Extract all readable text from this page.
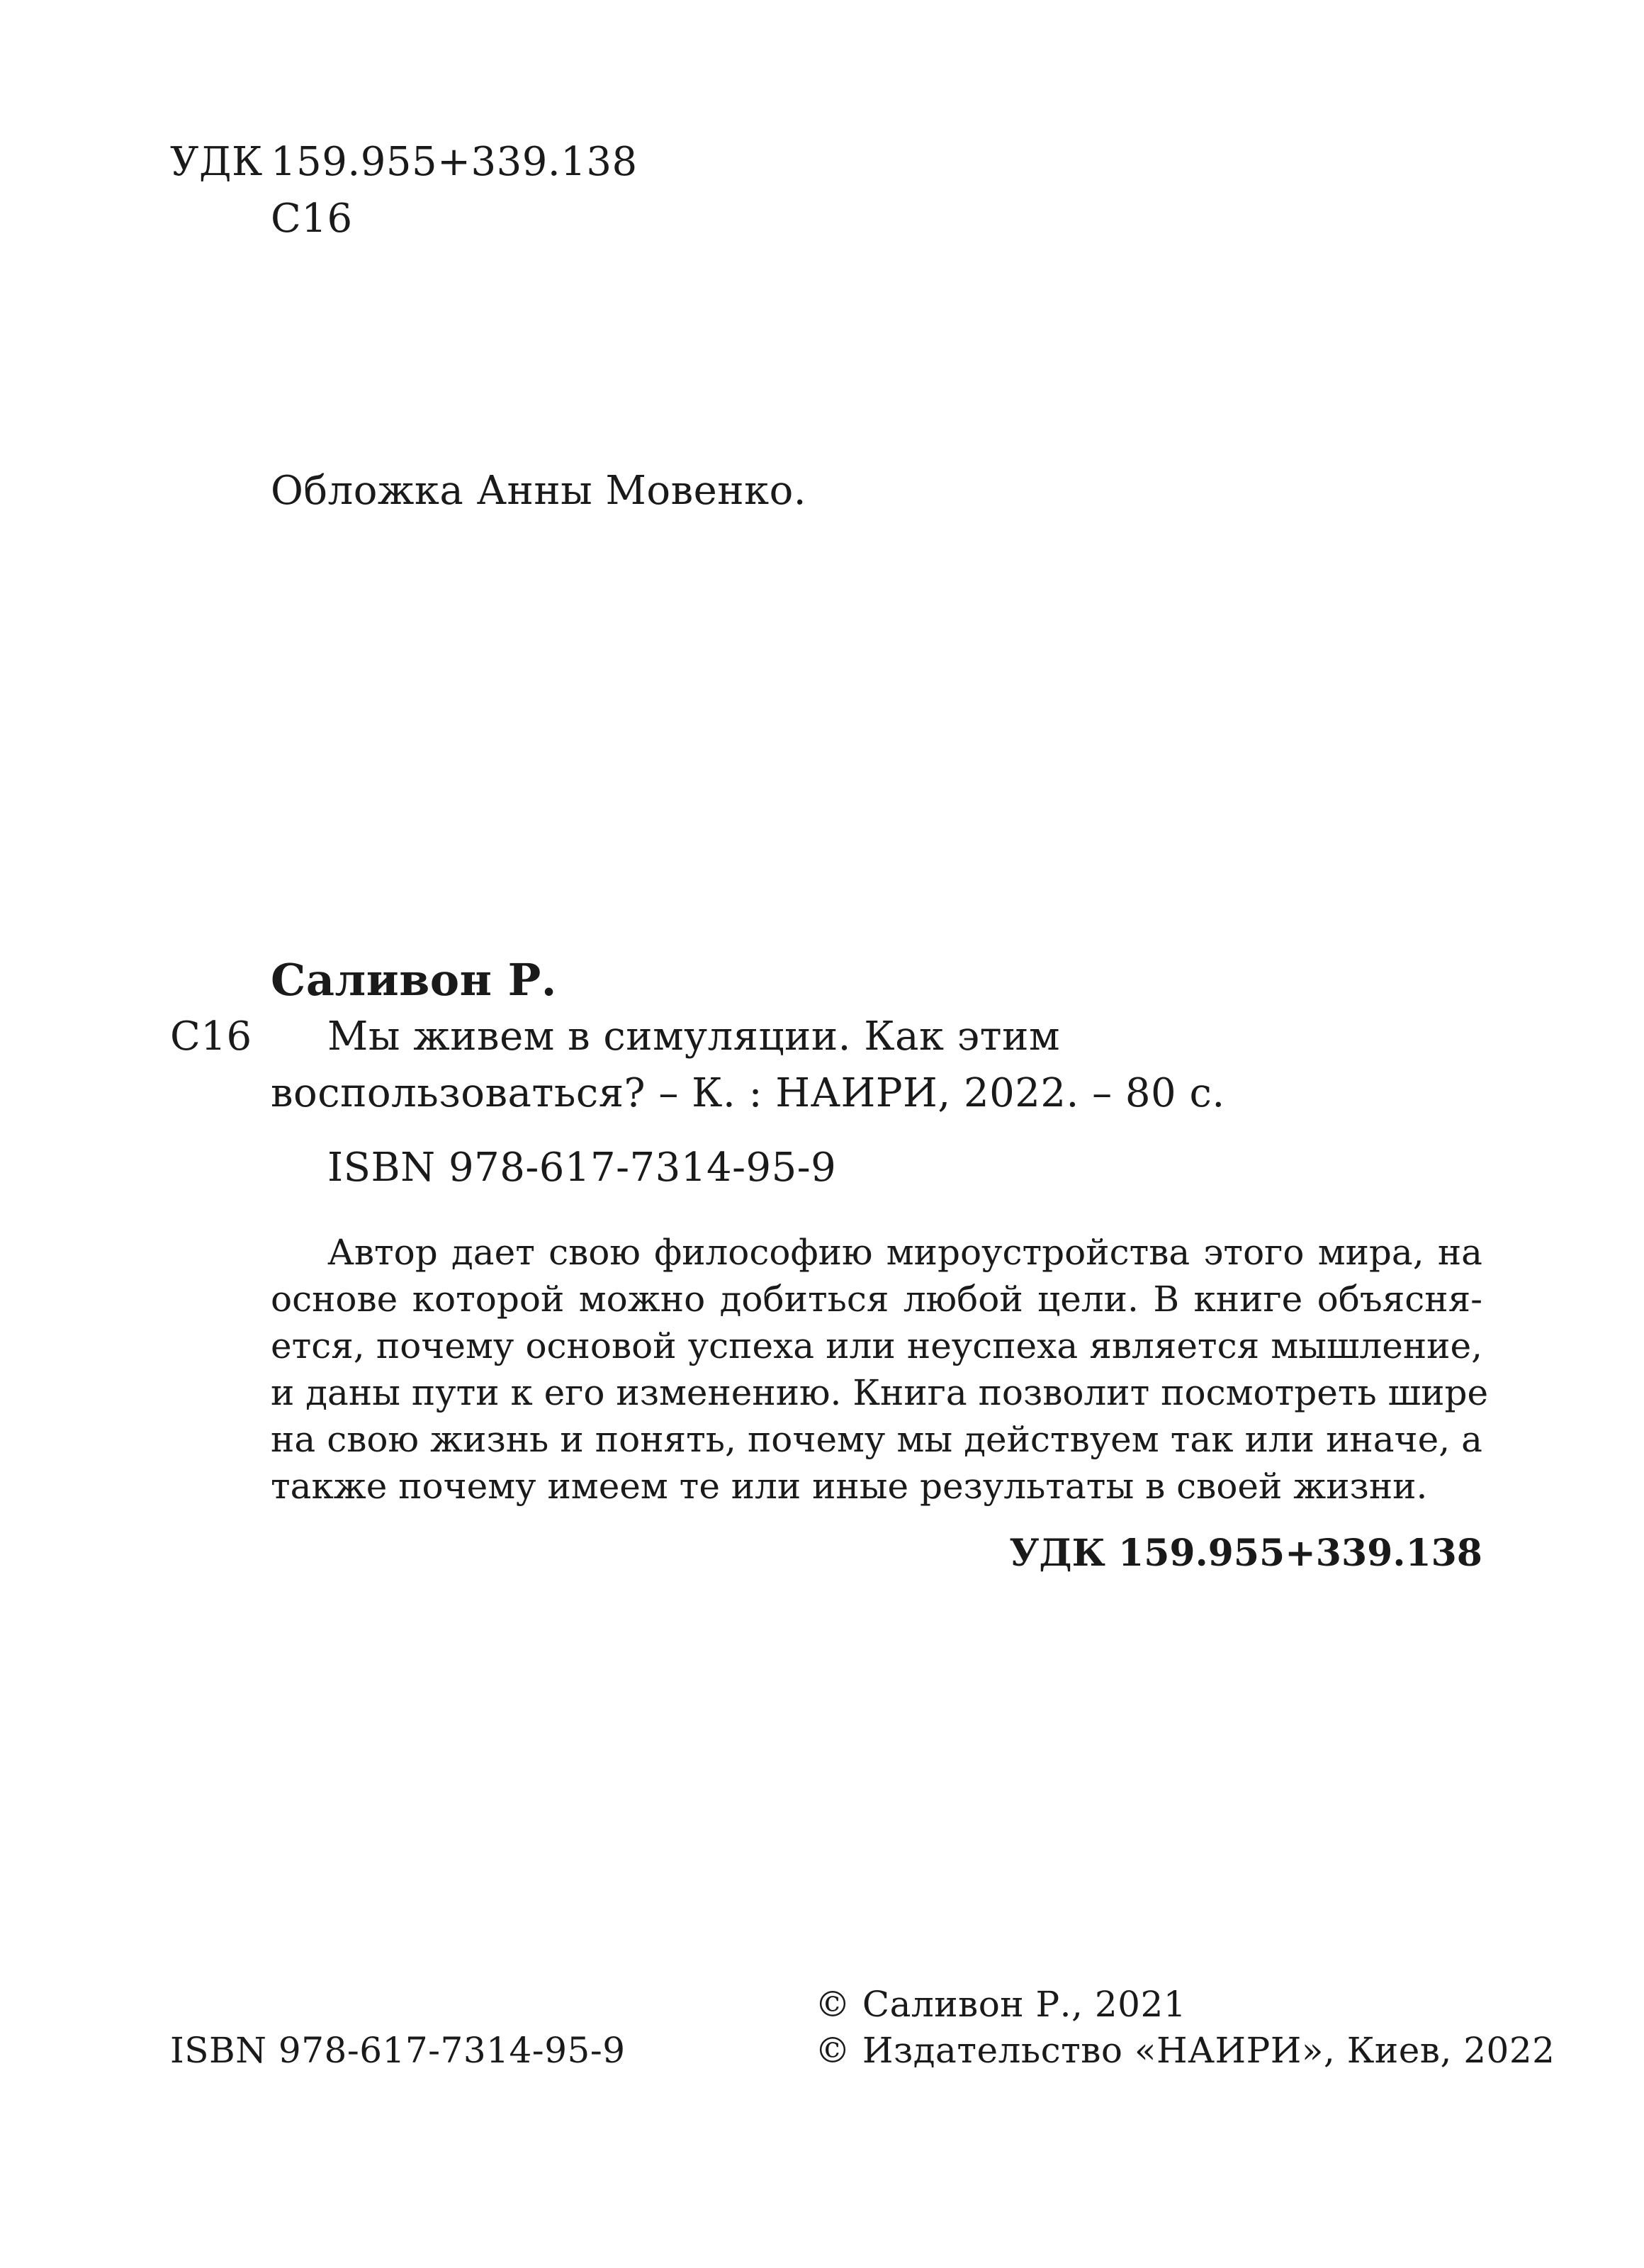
УДК 159.955+339.138
С16
Обложка Анны Мовенко.
Саливон Р.
С16 Мы живем в симуляции. Как этим
воспользоваться? – К. : НАИРИ, 2022. – 80 с.
ISBN 978-617-7314-95-9
Автор дает свою философию мироустройства этого мира, на
основе которой можно добиться любой цели. В книге объясня-
ется, почему основой успеха или неуспеха является мышление,
и даны пути к его изменению. Книга позволит посмотреть шире
на свою жизнь и понять, почему мы действуем так или иначе, а
также почему имеем те или иные результаты в своей жизни.
УДК 159.955+339.138
ISBN 978-617-7314-95-9
© Саливон Р., 2021
© Издательство «НАИРИ», Киев, 2022
